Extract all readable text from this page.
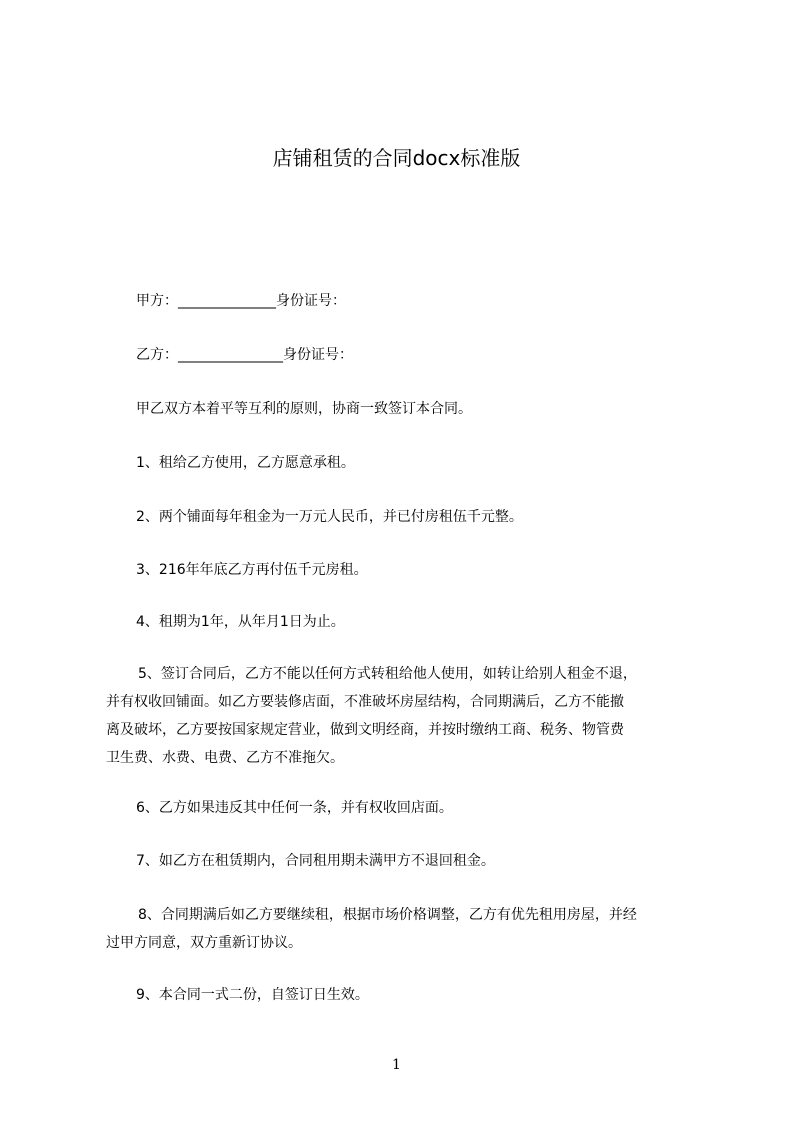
店铺租赁的合同docx标准版
甲方：______________身份证号：
乙方：_______________身份证号：
甲乙双方本着平等互利的原则，协商一致签订本合同。
1、租给乙方使用，乙方愿意承租。
2、两个铺面每年租金为一万元人民币，并已付房租伍千元整。
3、216年年底乙方再付伍千元房租。
4、租期为1年，从年月1日为止。
5、签订合同后，乙方不能以任何方式转租给他人使用，如转让给别人租金不退，
并有权收回铺面。如乙方要装修店面，不准破坏房屋结构，合同期满后，乙方不能撤
离及破坏，乙方要按国家规定营业，做到文明经商，并按时缴纳工商、税务、物管费
卫生费、水费、电费、乙方不准拖欠。
6、乙方如果违反其中任何一条，并有权收回店面。
7、如乙方在租赁期内，合同租用期未满甲方不退回租金。
8、合同期满后如乙方要继续租，根据市场价格调整，乙方有优先租用房屋，并经
过甲方同意，双方重新订协议。
9、本合同一式二份，自签订日生效。
1
